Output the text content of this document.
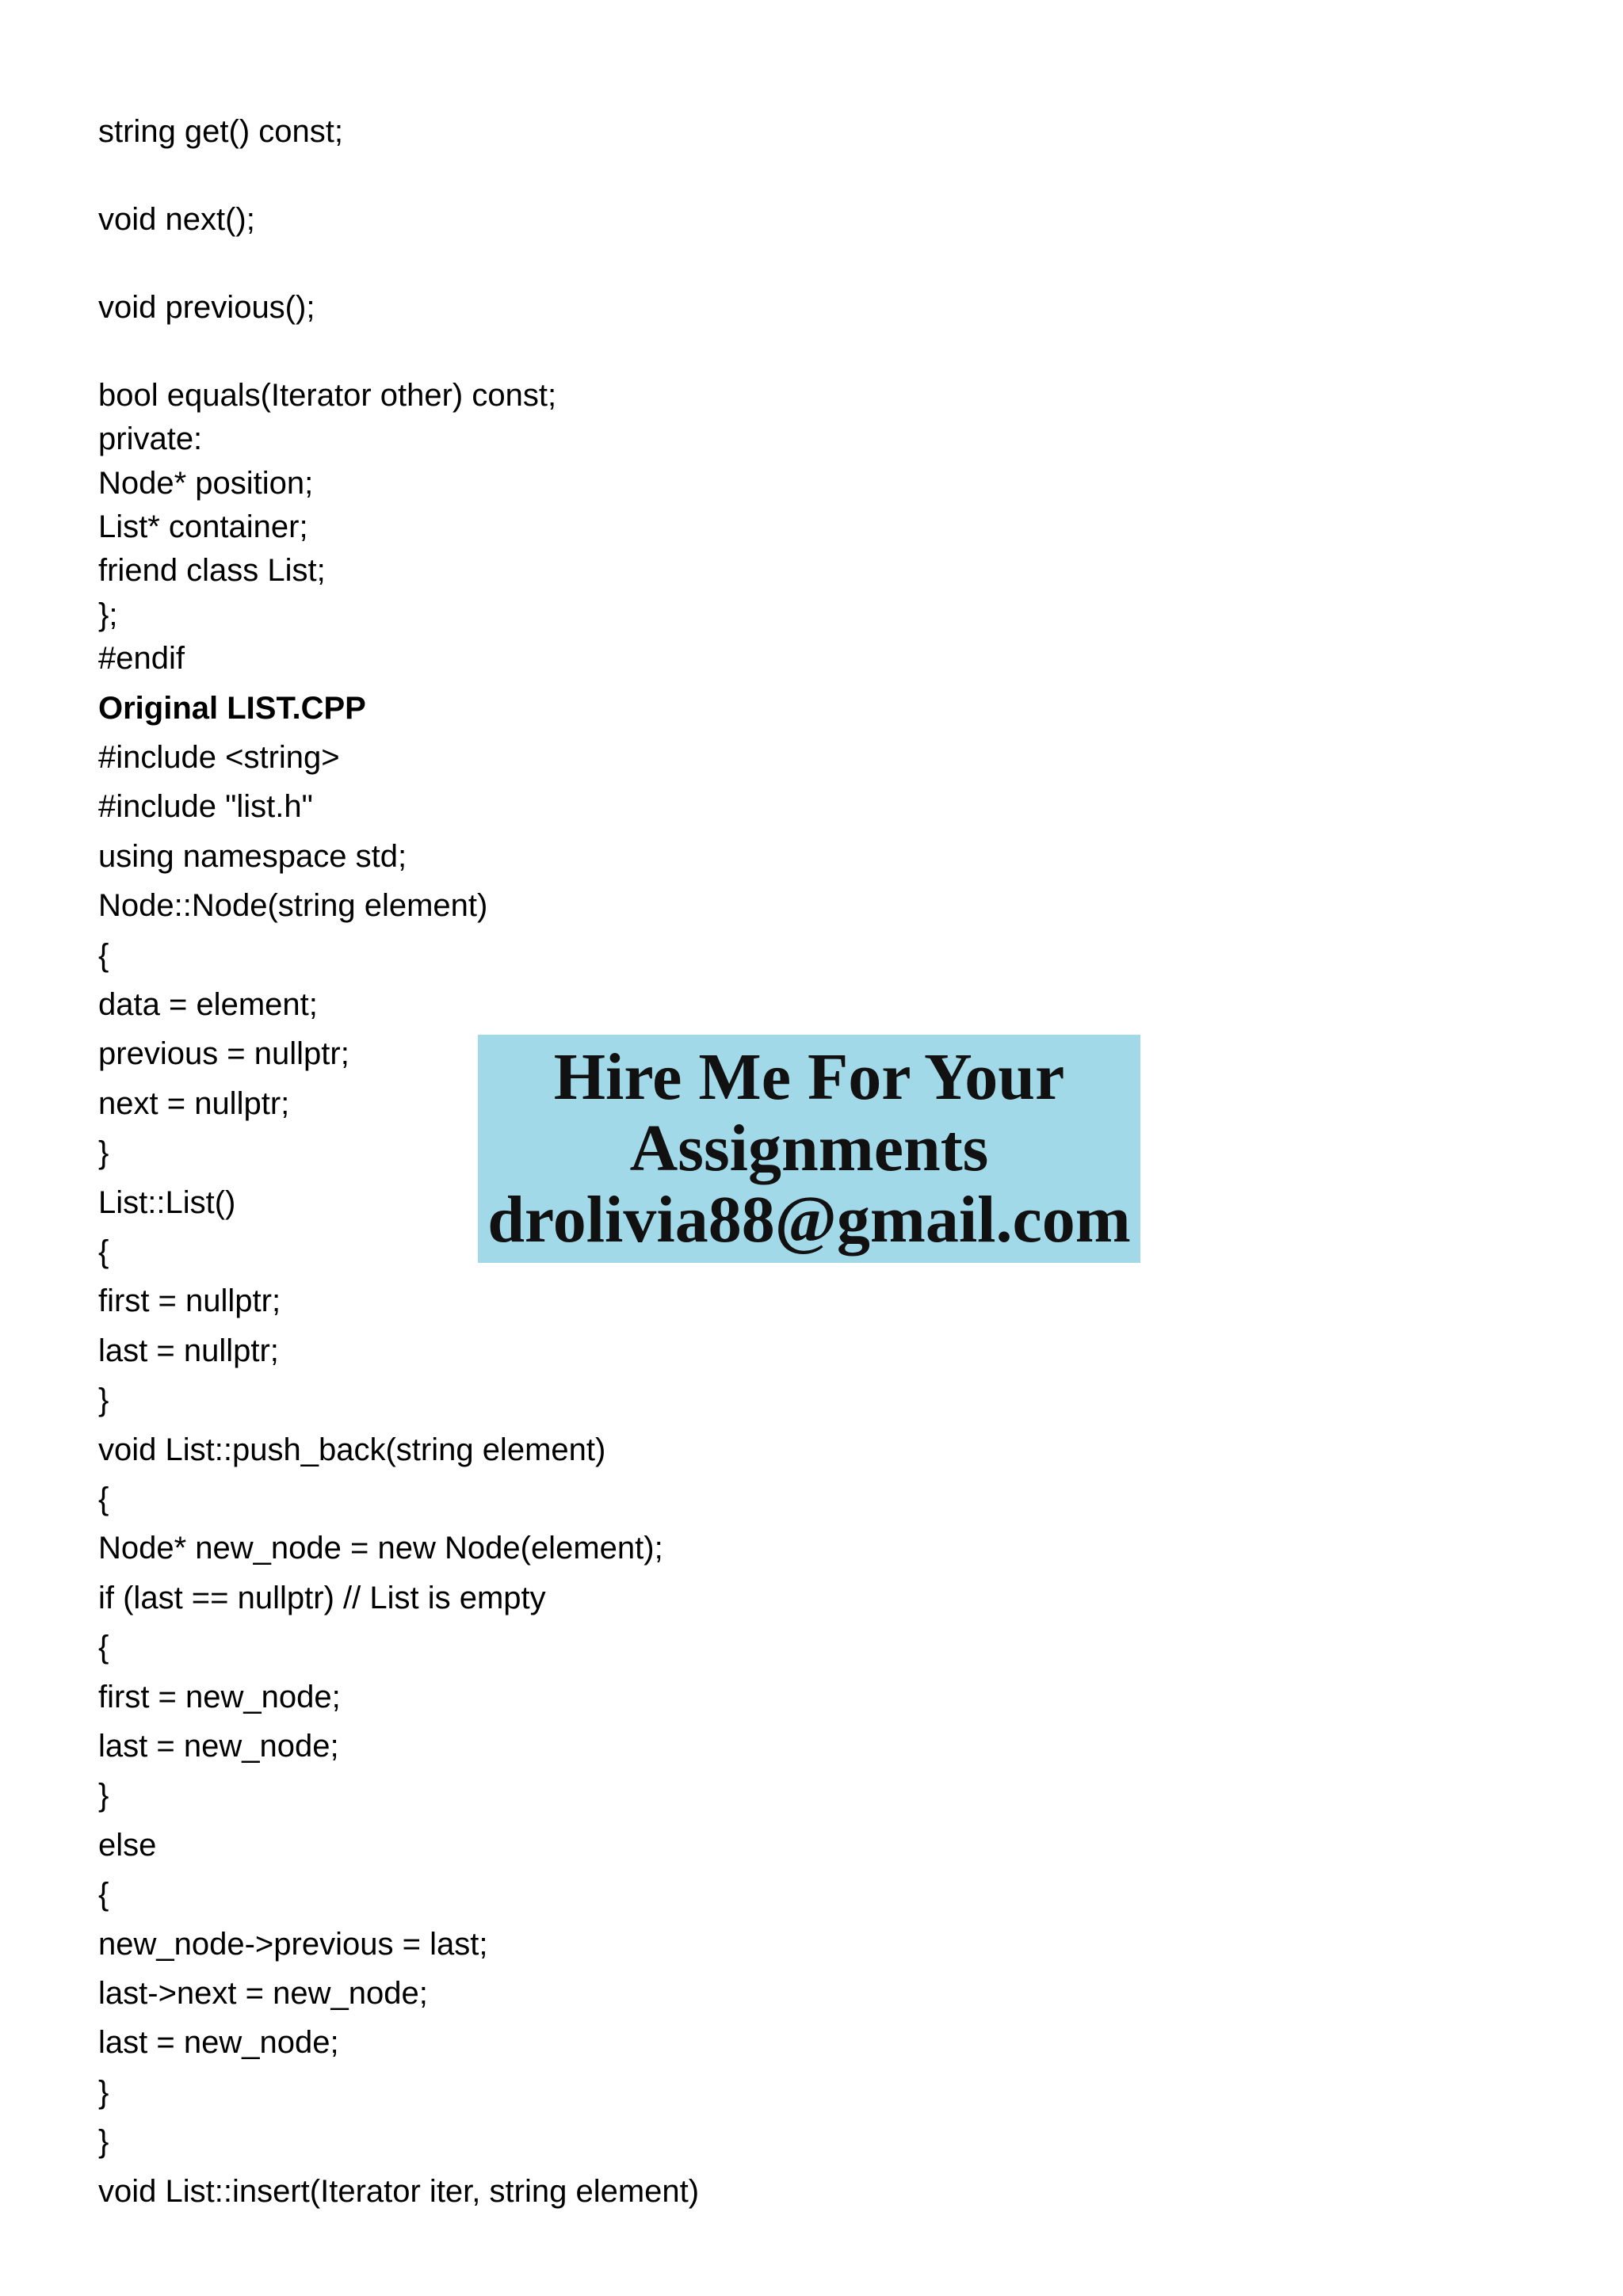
string get() const;
void next();
void previous();
bool equals(Iterator other) const;
private:
Node* position;
List* container;
friend class List;
};
#endif
Original LIST.CPP
#include <string>
#include "list.h"
using namespace std;
Node::Node(string element)
{
data = element;
previous = nullptr;
next = nullptr;
}
List::List()
{
first = nullptr;
last = nullptr;
}
void List::push_back(string element)
{
Node* new_node = new Node(element);
if (last == nullptr) // List is empty
{
first = new_node;
last = new_node;
}
else
{
new_node->previous = last;
last->next = new_node;
last = new_node;
}
}
void List::insert(Iterator iter, string element)
Hire Me For Your
Assignments
drolivia88@gmail.com
